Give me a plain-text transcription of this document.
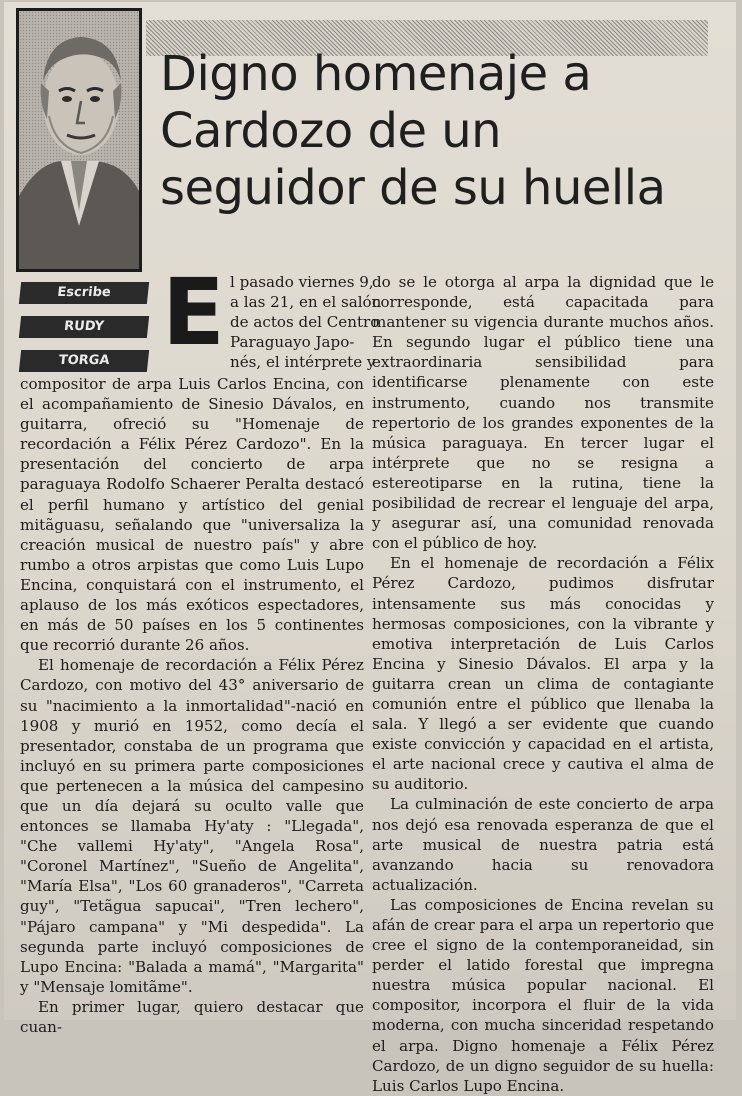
Digno homenaje a
Cardozo de un
seguidor de su huella
Escribe
RUDY
TORGA E l pasado viernes 9,
a las 21, en el salón
de actos del Centro
Paraguayo Japo-
nés, el intérprete y

compositor de arpa Luis Carlos Encina, con el acompañamiento de Sinesio Dávalos, en guitarra, ofreció su "Homenaje de recordación a Félix Pérez Cardozo". En la presentación del concierto de arpa paraguaya Rodolfo Schaerer Peralta destacó el perfil humano y artístico del genial mitãguasu, señalando que "universaliza la creación musical de nuestro país" y abre rumbo a otros arpistas que como Luis Lupo Encina, conquistará con el instrumento, el aplauso de los más exóticos espectadores, en más de 50 países en los 5 continentes que recorrió durante 26 años.

El homenaje de recordación a Félix Pérez Cardozo, con motivo del 43° aniversario de su "nacimiento a la inmortalidad"-nació en 1908 y murió en 1952, como decía el presentador, constaba de un programa que incluyó en su primera parte composiciones que pertenecen a la música del campesino que un día dejará su oculto valle que entonces se llamaba Hy'aty : "Llegada", "Che vallemi Hy'aty", "Angela Rosa", "Coronel Martínez", "Sueño de Angelita", "María Elsa", "Los 60 granaderos", "Carreta guy", "Tetãgua sapucai", "Tren lechero", "Pájaro campana" y "Mi despedida". La segunda parte incluyó composiciones de Lupo Encina: "Balada a mamá", "Margarita" y "Mensaje lomitãme".

En primer lugar, quiero destacar que cuan-

do se le otorga al arpa la dignidad que le corresponde, está capacitada para mantener su vigencia durante muchos años. En segundo lugar el público tiene una extraordinaria sensibilidad para identificarse plenamente con este instrumento, cuando nos transmite repertorio de los grandes exponentes de la música paraguaya. En tercer lugar el intérprete que no se resigna a estereotiparse en la rutina, tiene la posibilidad de recrear el lenguaje del arpa, y asegurar así, una comunidad renovada con el público de hoy.

En el homenaje de recordación a Félix Pérez Cardozo, pudimos disfrutar intensamente sus más conocidas y hermosas composiciones, con la vibrante y emotiva interpretación de Luis Carlos Encina y Sinesio Dávalos. El arpa y la guitarra crean un clima de contagiante comunión entre el público que llenaba la sala. Y llegó a ser evidente que cuando existe convicción y capacidad en el artista, el arte nacional crece y cautiva el alma de su auditorio.

La culminación de este concierto de arpa nos dejó esa renovada esperanza de que el arte musical de nuestra patria está avanzando hacia su renovadora actualización.

Las composiciones de Encina revelan su afán de crear para el arpa un repertorio que cree el signo de la contemporaneidad, sin perder el latido forestal que impregna nuestra música popular nacional. El compositor, incorpora el fluir de la vida moderna, con mucha sinceridad respetando el arpa. Digno homenaje a Félix Pérez Cardozo, de un digno seguidor de su huella: Luis Carlos Lupo Encina.
